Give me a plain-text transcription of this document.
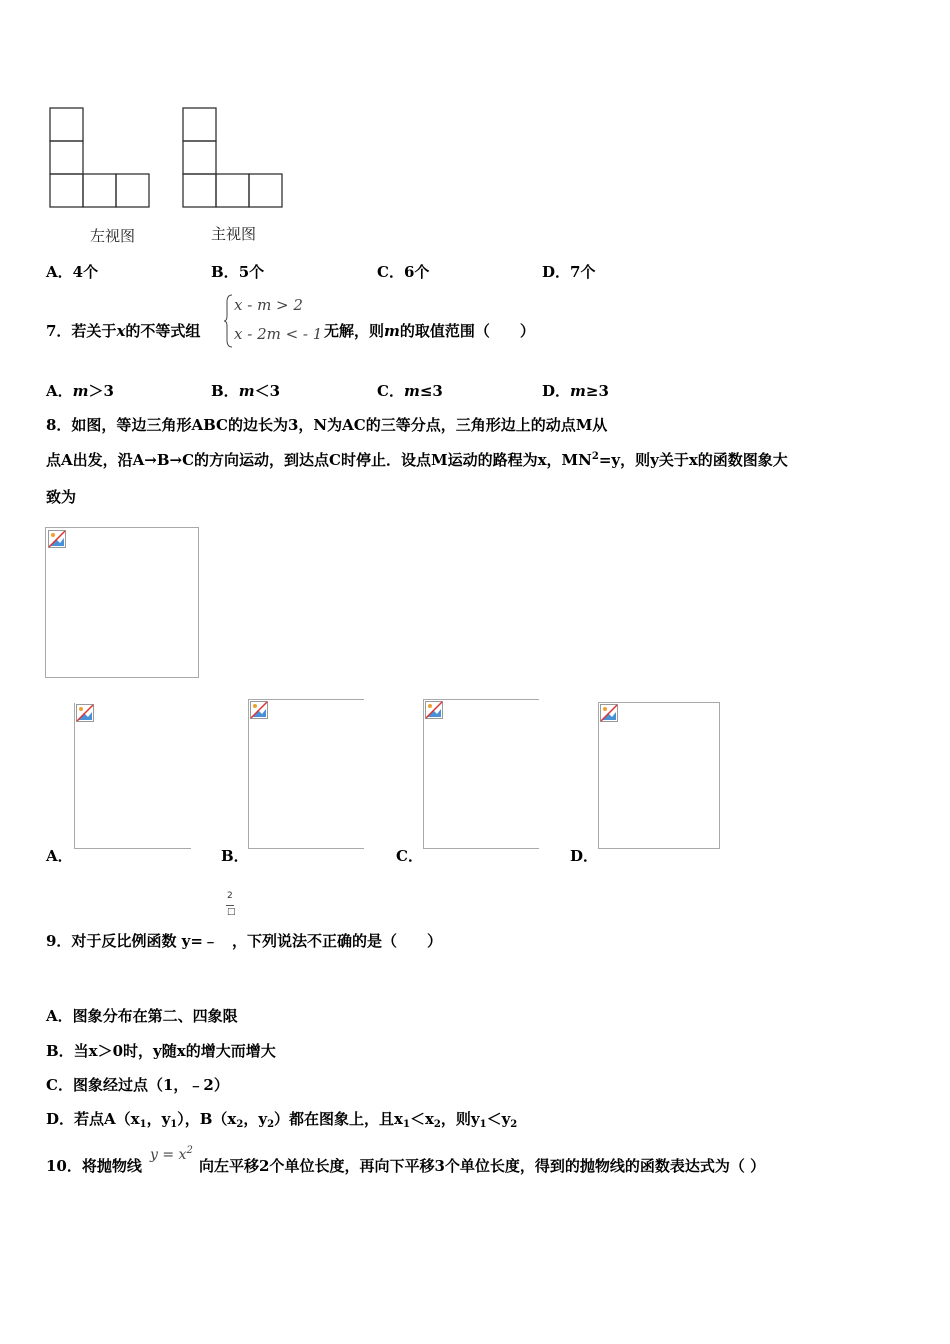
左视图	主视图
A．4个	B．5个	C．6个	D．7个
7．若关于x的不等式组
x - m > 2
x - 2m < - 1 无解，则m的取值范围（　　）
A．m＞3	B．m＜3	C．m≤3	D．m≥3
8．如图，等边三角形ABC的边长为3，N为AC的三等分点，三角形边上的动点M从
点A出发，沿A→B→C的方向运动，到达点C时停止．设点M运动的路程为x，$MN^2=y$，则y关于x的函数图象大
致为
A．	B．	C．	D．
2
□
9．对于反比例函数 y=﹣ ，下列说法不正确的是（　　）
A．图象分布在第二、四象限
B．当x＞0时，y随x的增大而增大
C．图象经过点（1，﹣2）
D．若点$A(x_1$，$y_1$），$B(x_2$，$y_2$）都在图象上，且$x_1<x_2$，则$y_1<y_2$
10．将抛物线
$y = x^2$
向左平移2个单位长度，再向下平移3个单位长度，得到的抛物线的函数表达式为（ ）
